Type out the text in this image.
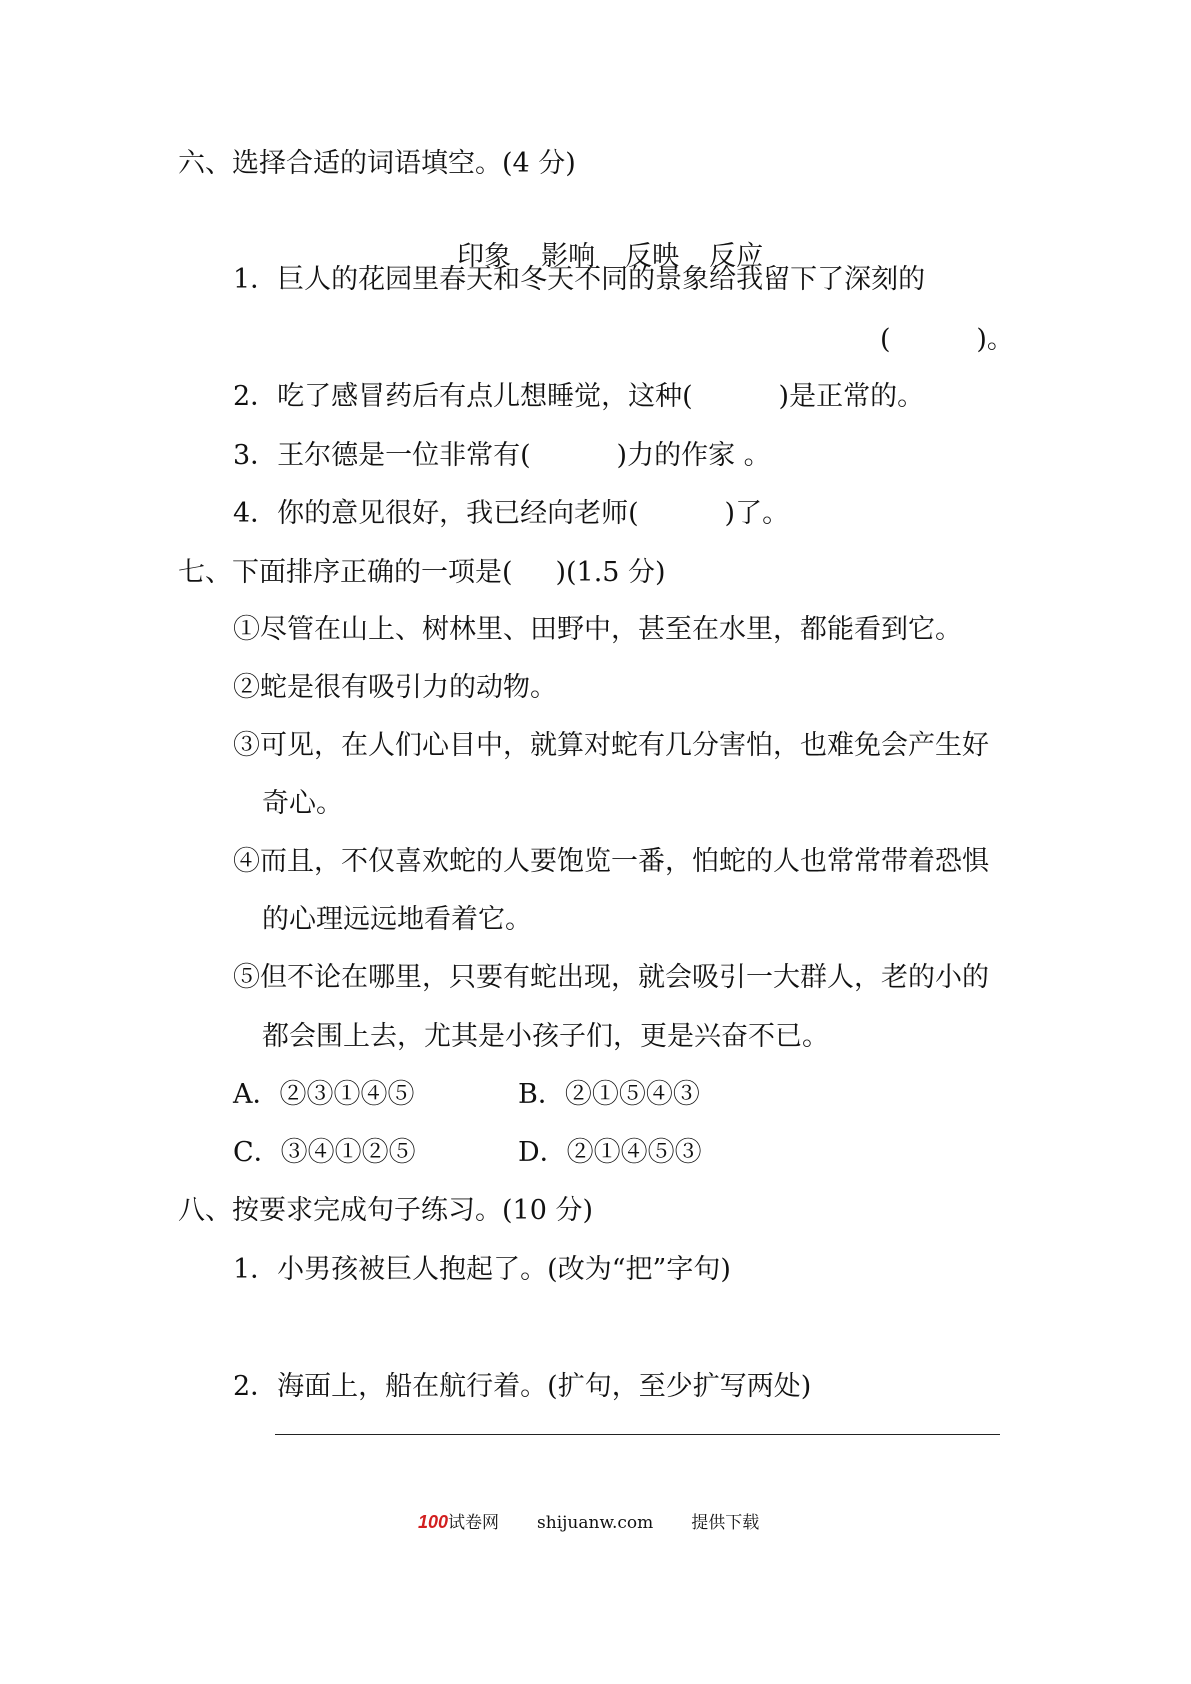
六、选择合适的词语填空。(4 分)

印象 影响 反映 反应

1．巨人的花园里春天和冬天不同的景象给我留下了深刻的
(          )。
2．吃了感冒药后有点儿想睡觉，这种(          )是正常的。
3．王尔德是一位非常有(          )力的作家 。
4．你的意见很好，我已经向老师(          )了。
七、下面排序正确的一项是(     )(1.5 分)
①尽管在山上、树林里、田野中，甚至在水里，都能看到它。
②蛇是很有吸引力的动物。
③可见，在人们心目中，就算对蛇有几分害怕，也难免会产生好
奇心。
④而且，不仅喜欢蛇的人要饱览一番，怕蛇的人也常常带着恐惧
的心理远远地看着它。
⑤但不论在哪里，只要有蛇出现，就会吸引一大群人，老的小的
都会围上去，尤其是小孩子们，更是兴奋不已。
A．②③①④⑤	B．②①⑤④③
C．③④①②⑤	D．②①④⑤③
八、按要求完成句子练习。(10 分)
1．小男孩被巨人抱起了。(改为“把”字句)
2．海面上，船在航行着。(扩句，至少扩写两处)
100试卷网 shijuanw.com 提供下载
